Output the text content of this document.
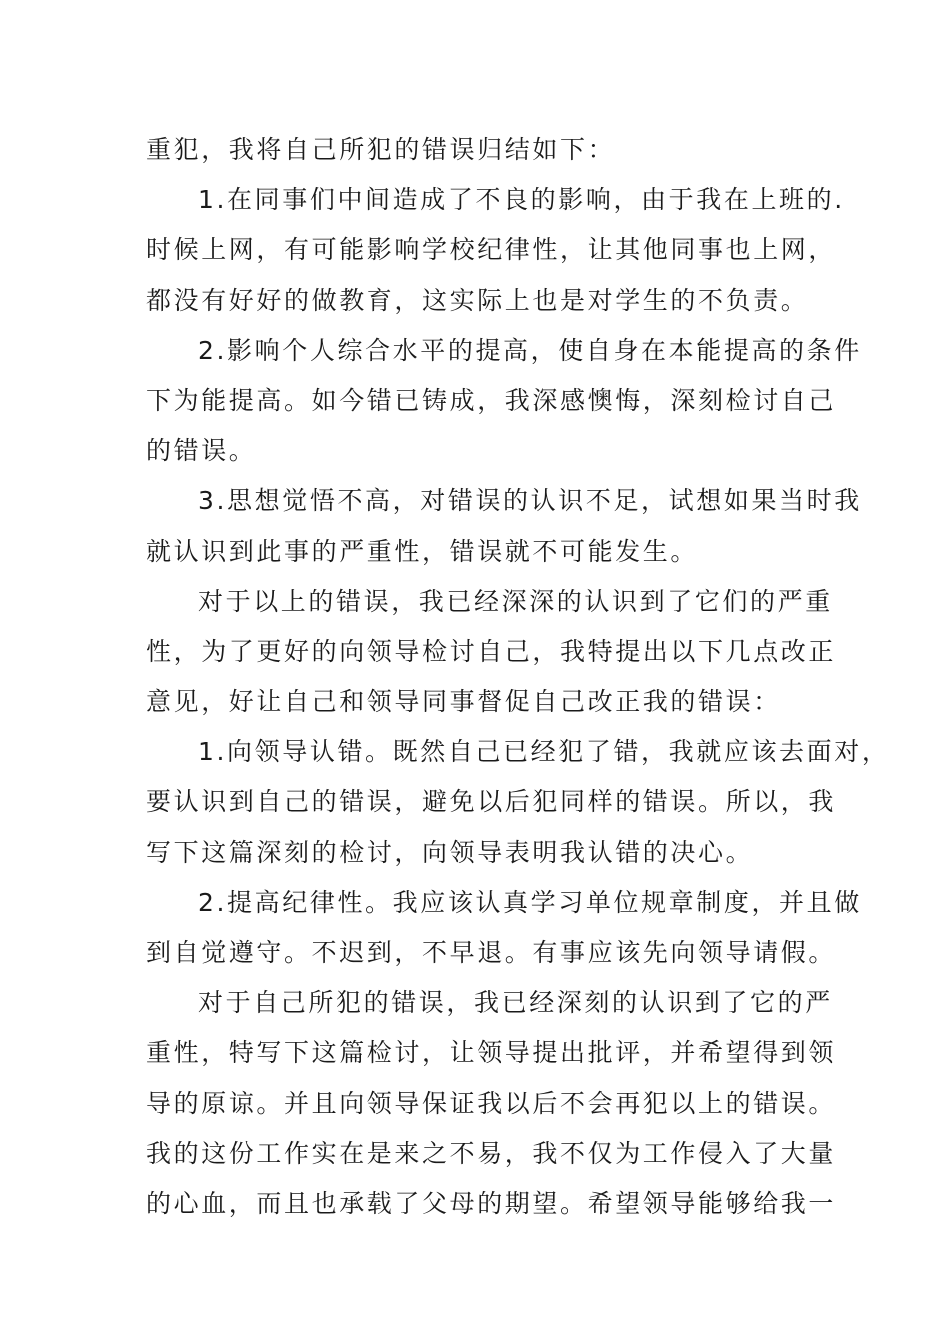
重犯，我将自己所犯的错误归结如下：
1.在同事们中间造成了不良的影响，由于我在上班的.
时候上网，有可能影响学校纪律性，让其他同事也上网，
都没有好好的做教育，这实际上也是对学生的不负责。
2.影响个人综合水平的提高，使自身在本能提高的条件
下为能提高。如今错已铸成，我深感懊悔，深刻检讨自己
的错误。
3.思想觉悟不高，对错误的认识不足，试想如果当时我
就认识到此事的严重性，错误就不可能发生。
对于以上的错误，我已经深深的认识到了它们的严重
性，为了更好的向领导检讨自己，我特提出以下几点改正
意见，好让自己和领导同事督促自己改正我的错误：
1.向领导认错。既然自己已经犯了错，我就应该去面对，
要认识到自己的错误，避免以后犯同样的错误。所以，我
写下这篇深刻的检讨，向领导表明我认错的决心。
2.提高纪律性。我应该认真学习单位规章制度，并且做
到自觉遵守。不迟到，不早退。有事应该先向领导请假。
对于自己所犯的错误，我已经深刻的认识到了它的严
重性，特写下这篇检讨，让领导提出批评，并希望得到领
导的原谅。并且向领导保证我以后不会再犯以上的错误。
我的这份工作实在是来之不易，我不仅为工作侵入了大量
的心血，而且也承载了父母的期望。希望领导能够给我一
